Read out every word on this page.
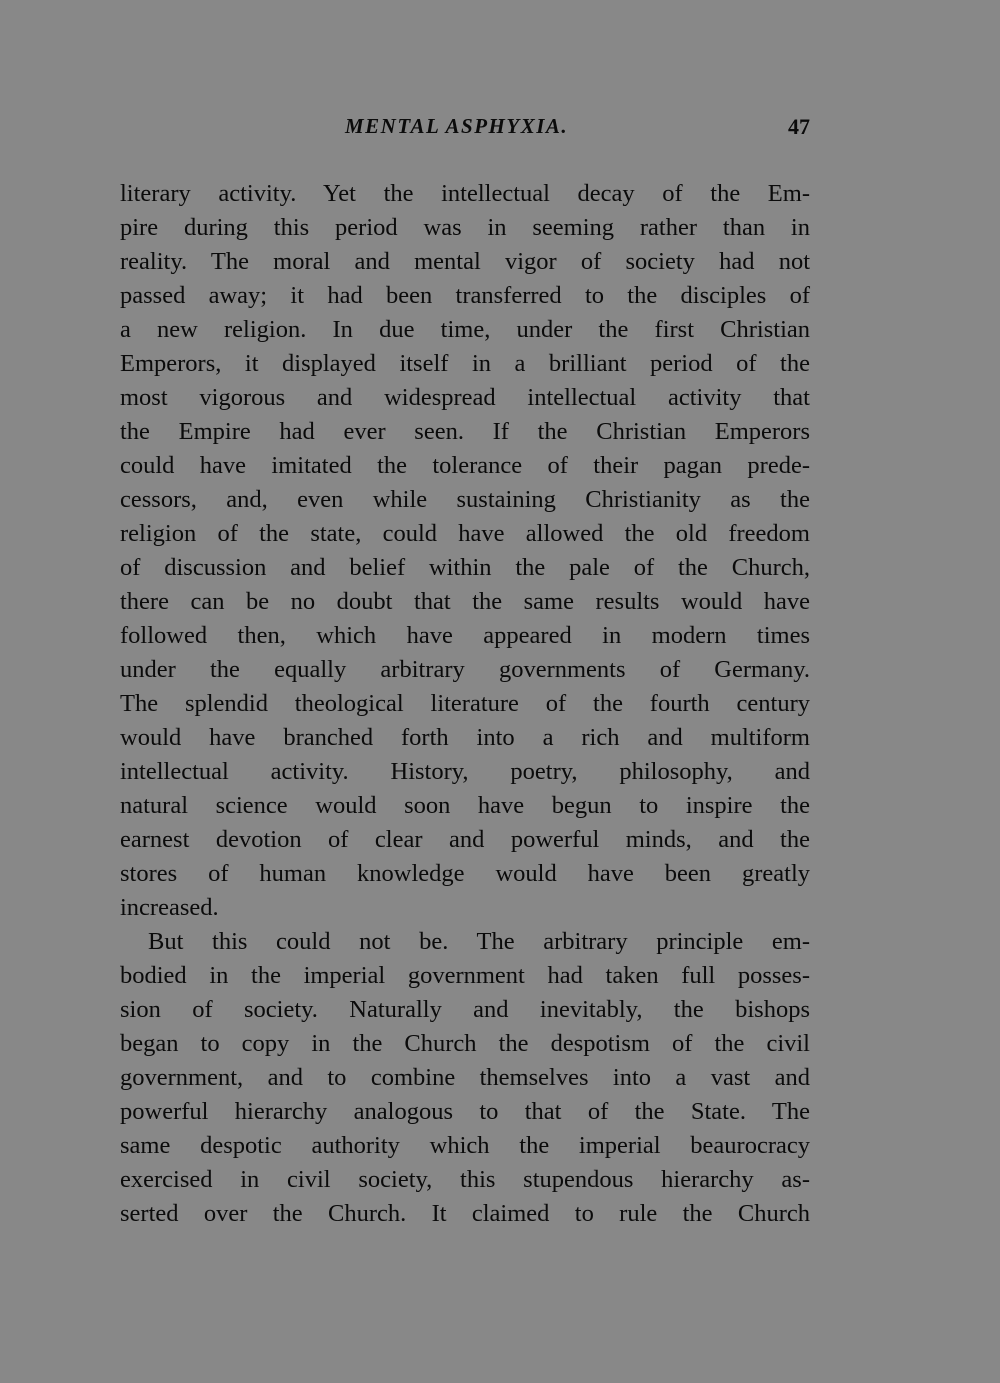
MENTAL ASPHYXIA.	47
literary activity. Yet the intellectual decay of the Em-
pire during this period was in seeming rather than in
reality. The moral and mental vigor of society had not
passed away; it had been transferred to the disciples of
a new religion. In due time, under the first Christian
Emperors, it displayed itself in a brilliant period of the
most vigorous and widespread intellectual activity that
the Empire had ever seen. If the Christian Emperors
could have imitated the tolerance of their pagan prede-
cessors, and, even while sustaining Christianity as the
religion of the state, could have allowed the old freedom
of discussion and belief within the pale of the Church,
there can be no doubt that the same results would have
followed then, which have appeared in modern times
under the equally arbitrary governments of Germany.
The splendid theological literature of the fourth century
would have branched forth into a rich and multiform
intellectual activity. History, poetry, philosophy, and
natural science would soon have begun to inspire the
earnest devotion of clear and powerful minds, and the
stores of human knowledge would have been greatly
increased.
But this could not be. The arbitrary principle em-
bodied in the imperial government had taken full posses-
sion of society. Naturally and inevitably, the bishops
began to copy in the Church the despotism of the civil
government, and to combine themselves into a vast and
powerful hierarchy analogous to that of the State. The
same despotic authority which the imperial beaurocracy
exercised in civil society, this stupendous hierarchy as-
serted over the Church. It claimed to rule the Church
